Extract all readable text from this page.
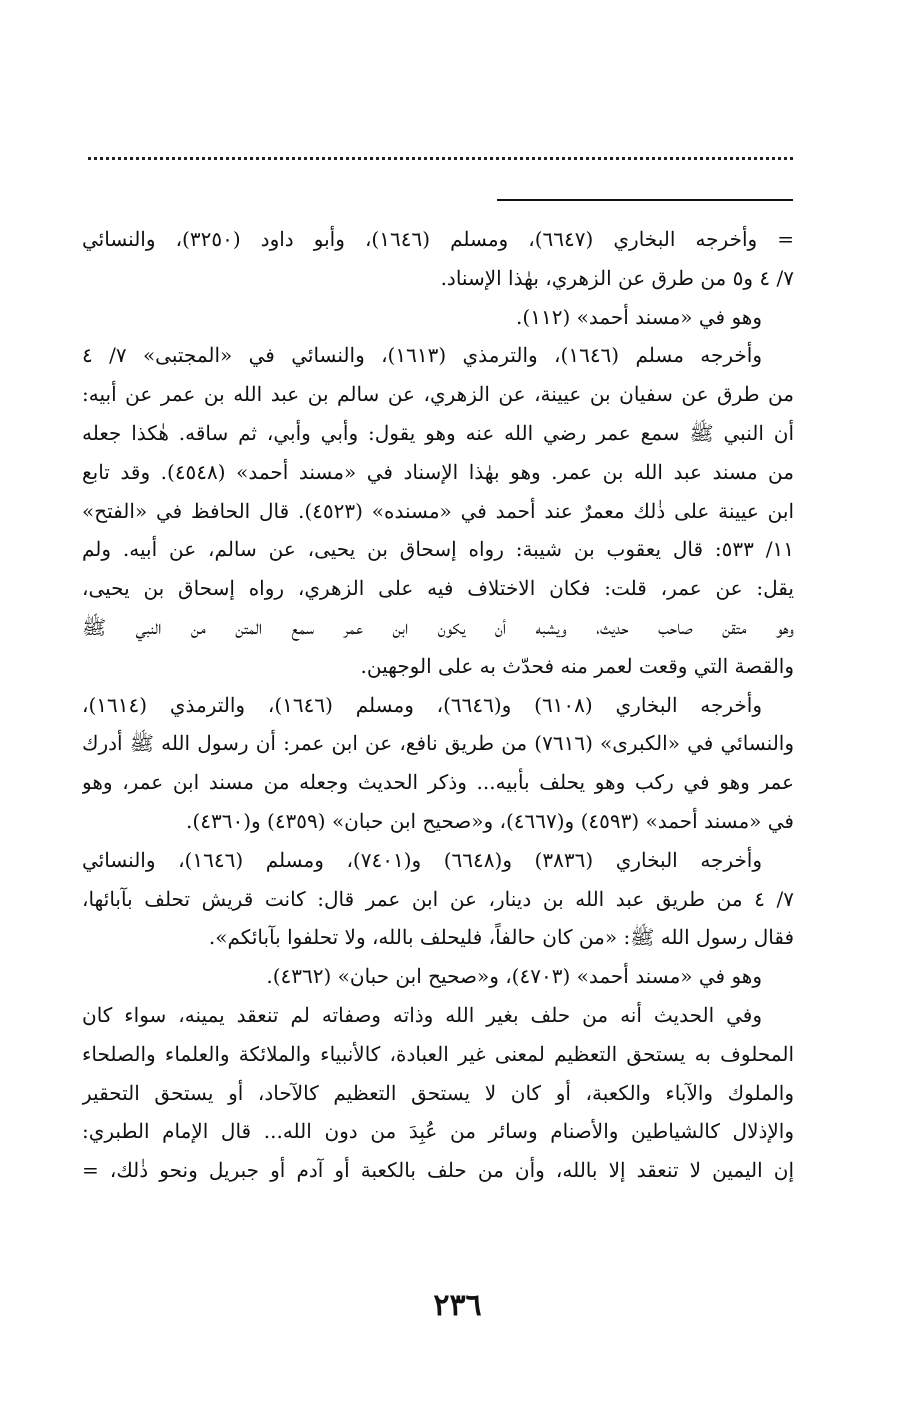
= وأخرجه البخاري (٦٦٤٧)، ومسلم (١٦٤٦)، وأبو داود (٣٢٥٠)، والنسائي
٧/ ٤ و٥ من طرق عن الزهري، بهٰذا الإسناد.
وهو في «مسند أحمد» (١١٢).
وأخرجه مسلم (١٦٤٦)، والترمذي (١٦١٣)، والنسائي في «المجتبى» ٧/ ٤
من طرق عن سفيان بن عيينة، عن الزهري، عن سالم بن عبد الله بن عمر عن أبيه:
أن النبي ﷺ سمع عمر رضي الله عنه وهو يقول: وأبي وأبي، ثم ساقه. هٰكذا جعله
من مسند عبد الله بن عمر. وهو بهٰذا الإسناد في «مسند أحمد» (٤٥٤٨). وقد تابع
ابن عيينة على ذٰلك معمرٌ عند أحمد في «مسنده» (٤٥٢٣). قال الحافظ في «الفتح»
١١/ ٥٣٣: قال يعقوب بن شيبة: رواه إسحاق بن يحيى، عن سالم، عن أبيه. ولم
يقل: عن عمر، قلت: فكان الاختلاف فيه على الزهري، رواه إسحاق بن يحيى،
وهو متقن صاحب حديث، ويشبه أن يكون ابن عمر سمع المتن من النبي ﷺ
والقصة التي وقعت لعمر منه فحدّث به على الوجهين.
وأخرجه البخاري (٦١٠٨) و(٦٦٤٦)، ومسلم (١٦٤٦)، والترمذي (١٦١٤)،
والنسائي في «الكبرى» (٧٦١٦) من طريق نافع، عن ابن عمر: أن رسول الله ﷺ أدرك
عمر وهو في ركب وهو يحلف بأبيه... وذكر الحديث وجعله من مسند ابن عمر، وهو
في «مسند أحمد» (٤٥٩٣) و(٤٦٦٧)، و«صحيح ابن حبان» (٤٣٥٩) و(٤٣٦٠).
وأخرجه البخاري (٣٨٣٦) و(٦٦٤٨) و(٧٤٠١)، ومسلم (١٦٤٦)، والنسائي
٧/ ٤ من طريق عبد الله بن دينار، عن ابن عمر قال: كانت قريش تحلف بآبائها،
فقال رسول الله ﷺ: «من كان حالفاً، فليحلف بالله، ولا تحلفوا بآبائكم».
وهو في «مسند أحمد» (٤٧٠٣)، و«صحيح ابن حبان» (٤٣٦٢).
وفي الحديث أنه من حلف بغير الله وذاته وصفاته لم تنعقد يمينه، سواء كان
المحلوف به يستحق التعظيم لمعنى غير العبادة، كالأنبياء والملائكة والعلماء والصلحاء
والملوك والآباء والكعبة، أو كان لا يستحق التعظيم كالآحاد، أو يستحق التحقير
والإذلال كالشياطين والأصنام وسائر من عُبِدَ من دون الله... قال الإمام الطبري:
إن اليمين لا تنعقد إلا بالله، وأن من حلف بالكعبة أو آدم أو جبريل ونحو ذٰلك، =
٢٣٦
